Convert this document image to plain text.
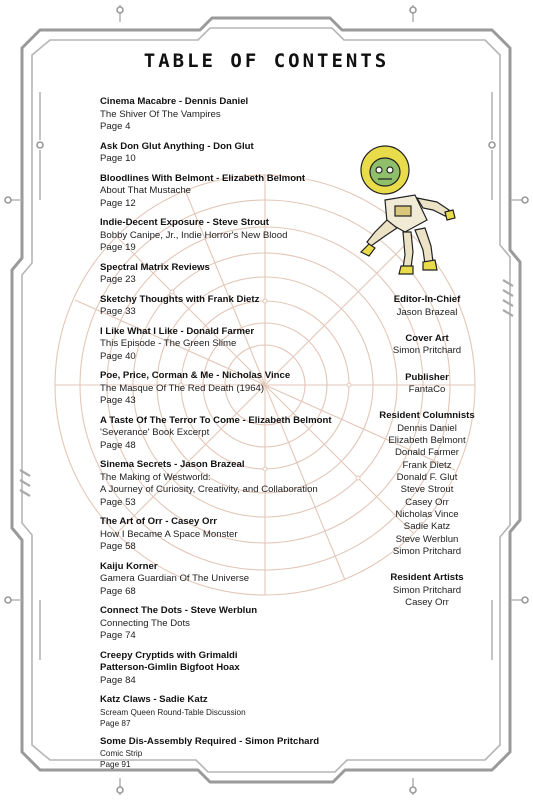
TABLE OF CONTENTS
Cinema Macabre - Dennis Daniel
The Shiver Of The Vampires
Page 4
Ask Don Glut Anything - Don Glut
Page 10
Bloodlines With Belmont - Elizabeth Belmont
About That Mustache
Page 12
Indie-Decent Exposure - Steve Strout
Bobby Canipe, Jr., Indie Horror's New Blood
Page 19
Spectral Matrix Reviews
Page 23
Sketchy Thoughts with Frank Dietz
Page 33
I Like What I Like - Donald Farmer
This Episode - The Green Slime
Page 40
Poe, Price, Corman & Me - Nicholas Vince
The Masque Of The Red Death (1964)
Page 43
A Taste Of The Terror To Come - Elizabeth Belmont
'Severance' Book Excerpt
Page 48
Sinema Secrets - Jason Brazeal
The Making of Westworld:
A Journey of Curiosity, Creativity, and Collaboration
Page 53
The Art of Orr - Casey Orr
How I Became A Space Monster
Page 58
Kaiju Korner
Gamera Guardian Of The Universe
Page 68
Connect The Dots - Steve Werblun
Connecting The Dots
Page 74
Creepy Cryptids with Grimaldi
Patterson-Gimlin Bigfoot Hoax
Page 84
Katz Claws - Sadie Katz
Scream Queen Round-Table Discussion
Page 87
Some Dis-Assembly Required - Simon Pritchard
Comic Strip
Page 91
Editor-In-Chief
Jason Brazeal
Cover Art
Simon Pritchard
Publisher
FantaCo
Resident Columnists
Dennis Daniel
Elizabeth Belmont
Donald Farmer
Frank Dietz
Donald F. Glut
Steve Strout
Casey Orr
Nicholas Vince
Sadie Katz
Steve Werblun
Simon Pritchard
Resident Artists
Simon Pritchard
Casey Orr
